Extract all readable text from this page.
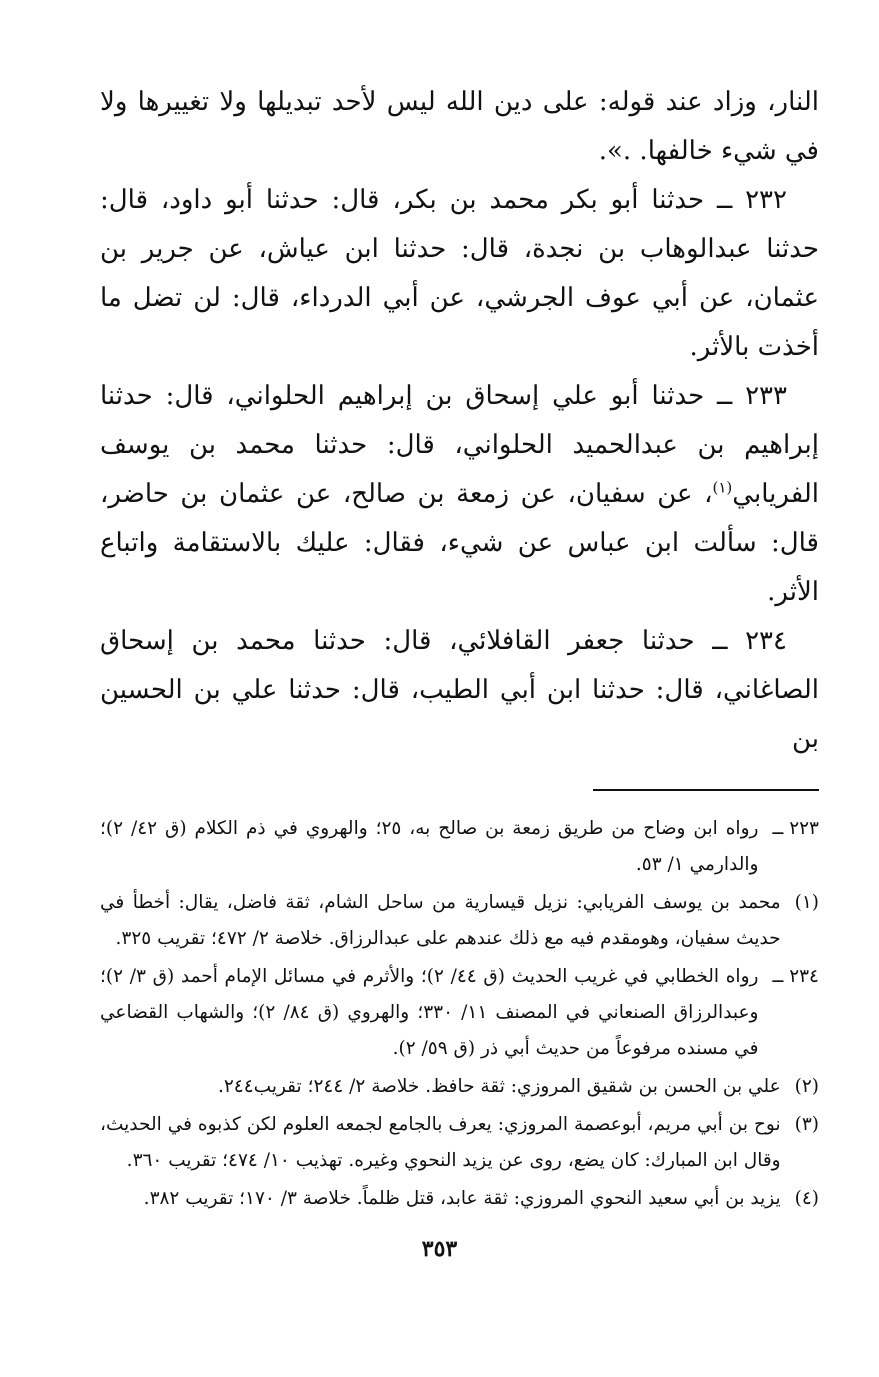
النار، وزاد عند قوله: على دين الله ليس لأحد تبديلها ولا تغييرها ولا في شيء خالفها. .».

٢٣٢ ــ حدثنا أبو بكر محمد بن بكر، قال: حدثنا أبو داود، قال: حدثنا عبدالوهاب بن نجدة، قال: حدثنا ابن عياش، عن جرير بن عثمان، عن أبي عوف الجرشي، عن أبي الدرداء، قال: لن تضل ما أخذت بالأثر.

٢٣٣ ــ حدثنا أبو علي إسحاق بن إبراهيم الحلواني، قال: حدثنا إبراهيم بن عبدالحميد الحلواني، قال: حدثنا محمد بن يوسف الفريابي$^{(١)}$، عن سفيان، عن زمعة بن صالح، عن عثمان بن حاضر، قال: سألت ابن عباس عن شيء، فقال: عليك بالاستقامة واتباع الأثر.

٢٣٤ ــ حدثنا جعفر القافلائي، قال: حدثنا محمد بن إسحاق الصاغاني، قال: حدثنا ابن أبي الطيب، قال: حدثنا علي بن الحسين بن

٢٢٣ ــ
رواه ابن وضاح من طريق زمعة بن صالح به، ٢٥؛ والهروي في ذم الكلام (ق ٤٢/ ٢)؛ والدارمي ١/ ٥٣.
(١)
محمد بن يوسف الفريابي: نزيل قيسارية من ساحل الشام، ثقة فاضل، يقال: أخطأ في حديث سفيان، وهومقدم فيه مع ذلك عندهم على عبدالرزاق. خلاصة ٢/ ٤٧٢؛ تقريب ٣٢٥.
٢٣٤ ــ
رواه الخطابي في غريب الحديث (ق ٤٤/ ٢)؛ والأثرم في مسائل الإمام أحمد (ق ٣/ ٢)؛ وعبدالرزاق الصنعاني في المصنف ١١/ ٣٣٠؛ والهروي (ق ٨٤/ ٢)؛ والشهاب القضاعي في مسنده مرفوعاً من حديث أبي ذر (ق ٥٩/ ٢).
(٢)
علي بن الحسن بن شقيق المروزي: ثقة حافظ. خلاصة ٢/ ٢٤٤؛ تقريب٢٤٤.
(٣)
نوح بن أبي مريم، أبوعصمة المروزي: يعرف بالجامع لجمعه العلوم لكن كذبوه في الحديث، وقال ابن المبارك: كان يضع، روى عن يزيد النحوي وغيره. تهذيب ١٠/ ٤٧٤؛ تقريب ٣٦٠.
(٤)
يزيد بن أبي سعيد النحوي المروزي: ثقة عابد، قتل ظلماً. خلاصة ٣/ ١٧٠؛ تقريب ٣٨٢.
٣٥٣
